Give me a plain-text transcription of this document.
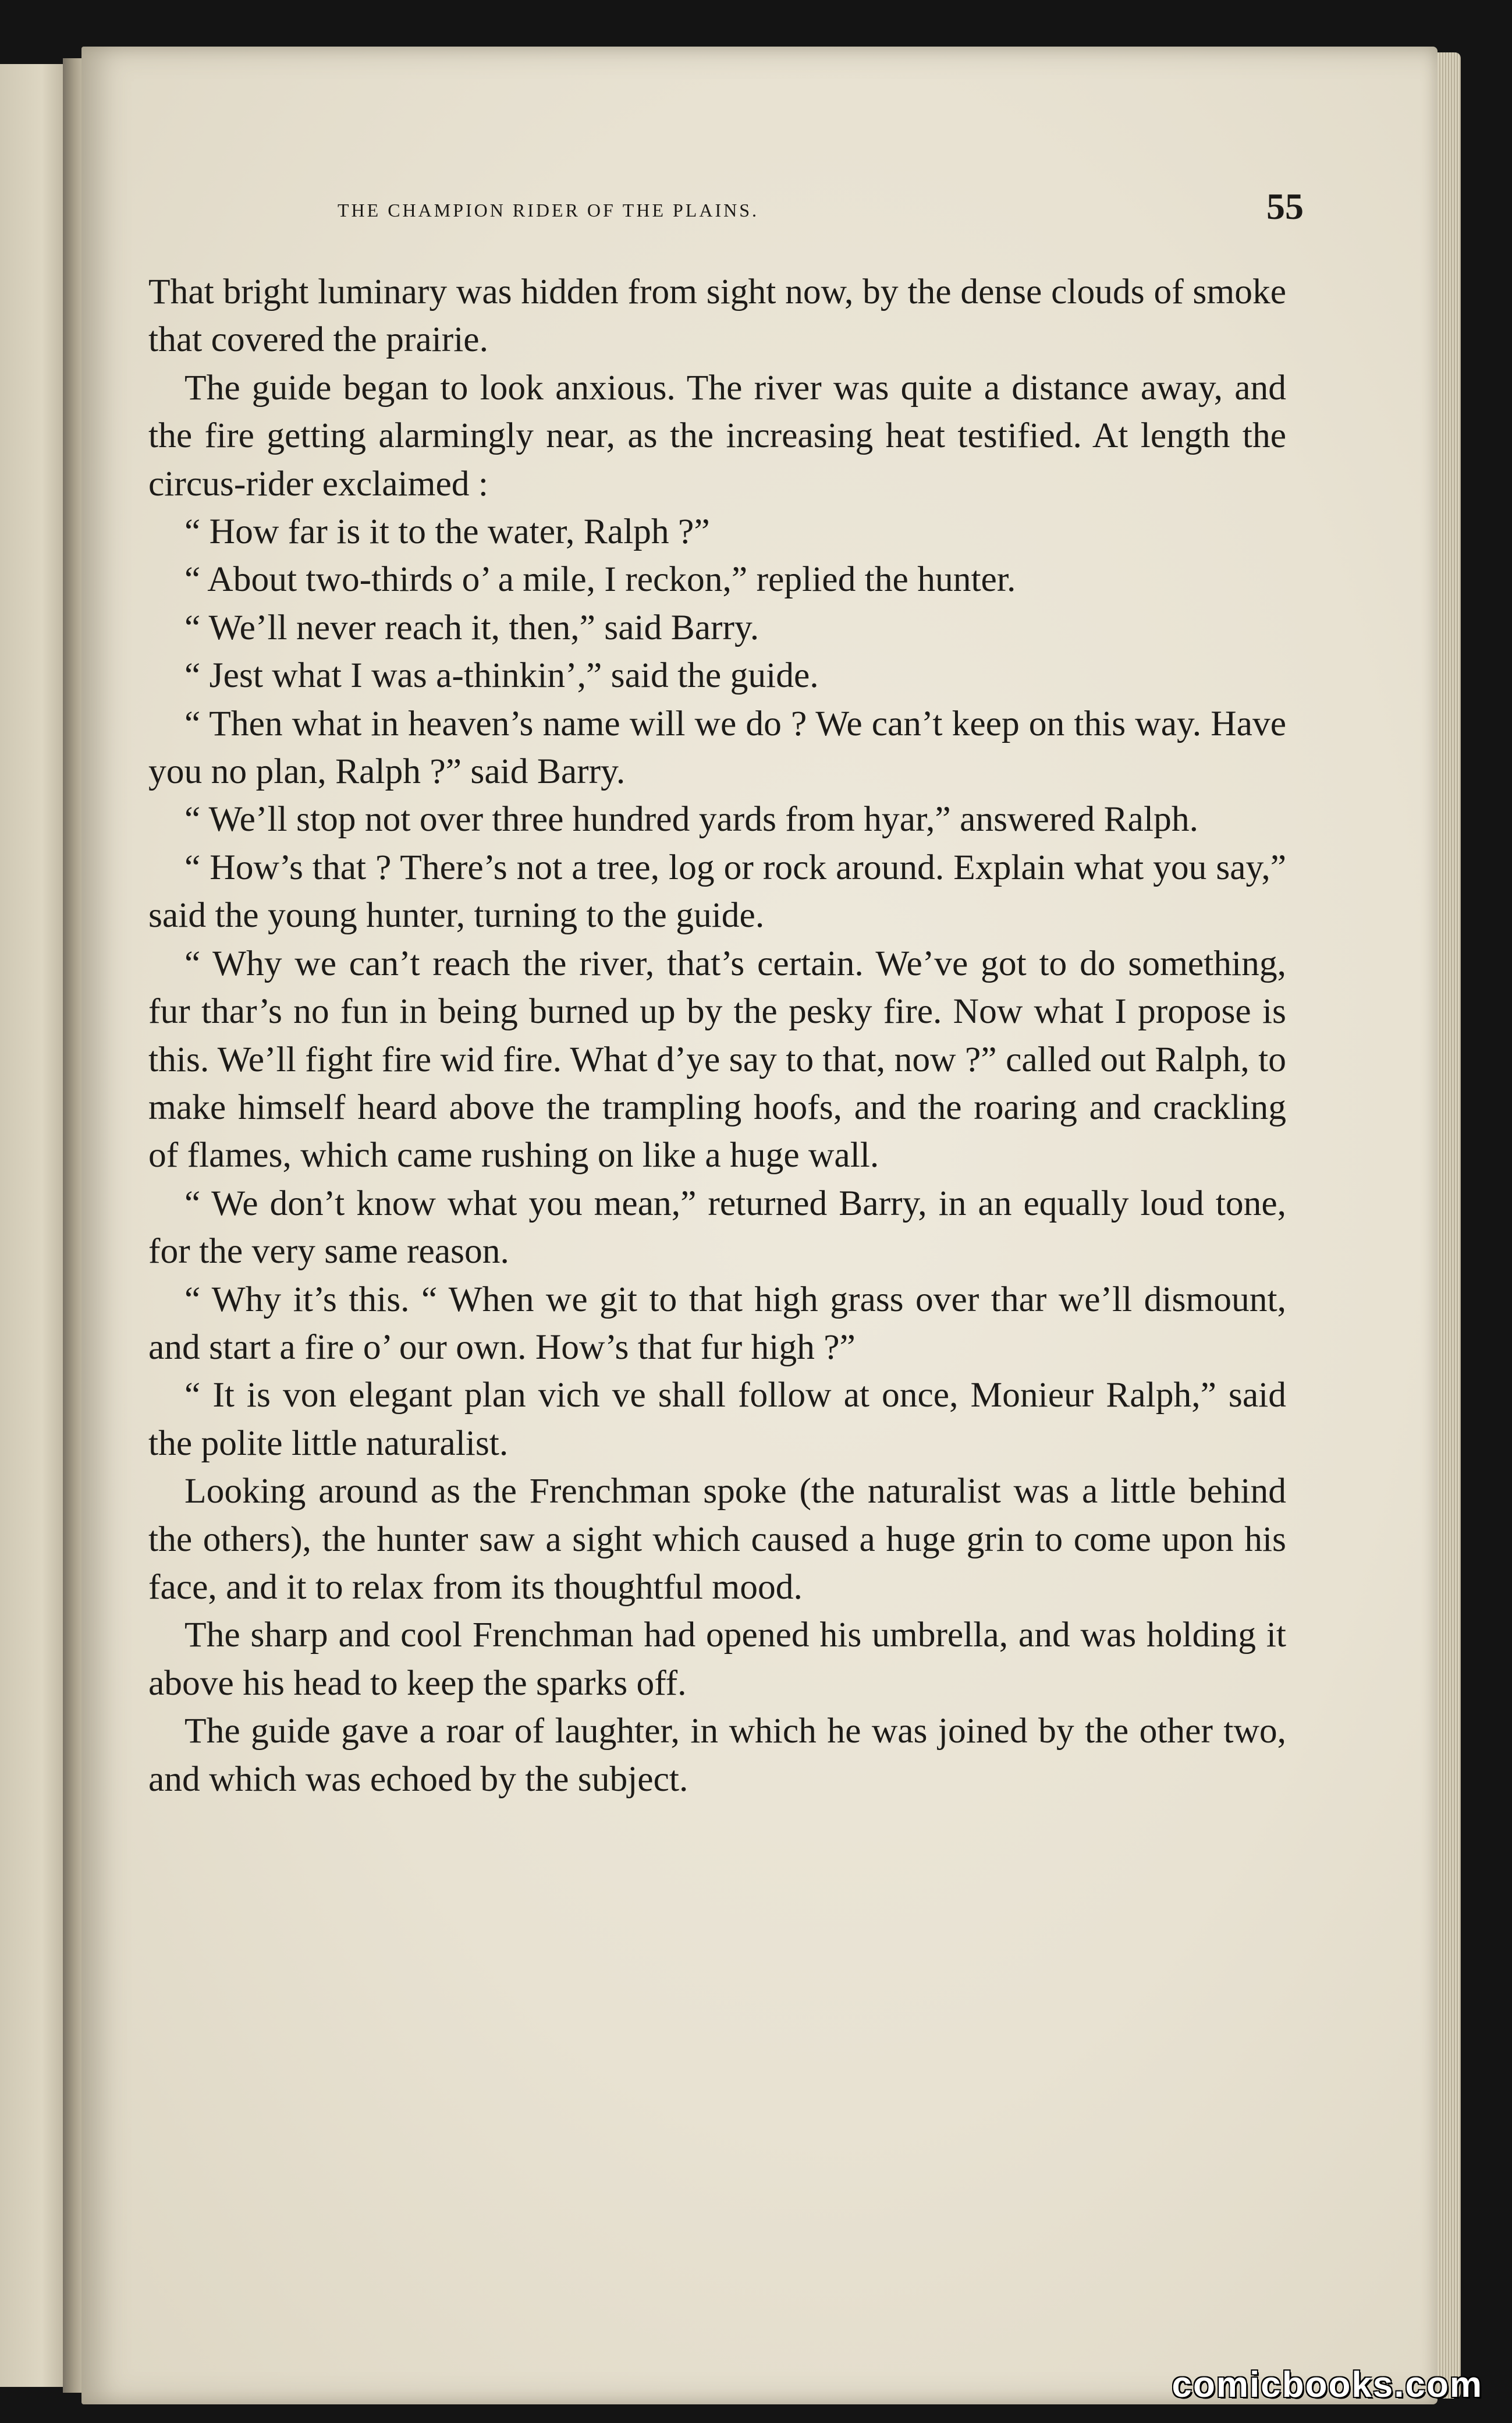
the champion rider of the plains.	55

That bright luminary was hidden from sight now, by the dense clouds of smoke that covered the prairie.

The guide began to look anxious. The river was quite a distance away, and the fire getting alarmingly near, as the increasing heat testified. At length the circus-rider exclaimed :

“ How far is it to the water, Ralph ?”

“ About two-thirds o’ a mile, I reckon,” replied the hunter.

“ We’ll never reach it, then,” said Barry.

“ Jest what I was a-thinkin’,” said the guide.

“ Then what in heaven’s name will we do ? We can’t keep on this way. Have you no plan, Ralph ?” said Barry.

“ We’ll stop not over three hundred yards from hyar,” answered Ralph.

“ How’s that ? There’s not a tree, log or rock around. Explain what you say,” said the young hunter, turning to the guide.

“ Why we can’t reach the river, that’s certain. We’ve got to do something, fur thar’s no fun in being burned up by the pesky fire. Now what I propose is this. We’ll fight fire wid fire. What d’ye say to that, now ?” called out Ralph, to make himself heard above the trampling hoofs, and the roaring and crackling of flames, which came rushing on like a huge wall.

“ We don’t know what you mean,” returned Barry, in an equally loud tone, for the very same reason.

“ Why it’s this. “ When we git to that high grass over thar we’ll dismount, and start a fire o’ our own. How’s that fur high ?”

“ It is von elegant plan vich ve shall follow at once, Monieur Ralph,” said the polite little naturalist.

Looking around as the Frenchman spoke (the naturalist was a little behind the others), the hunter saw a sight which caused a huge grin to come upon his face, and it to relax from its thoughtful mood.

The sharp and cool Frenchman had opened his umbrella, and was holding it above his head to keep the sparks off.

The guide gave a roar of laughter, in which he was joined by the other two, and which was echoed by the subject.

comicbooks.com
